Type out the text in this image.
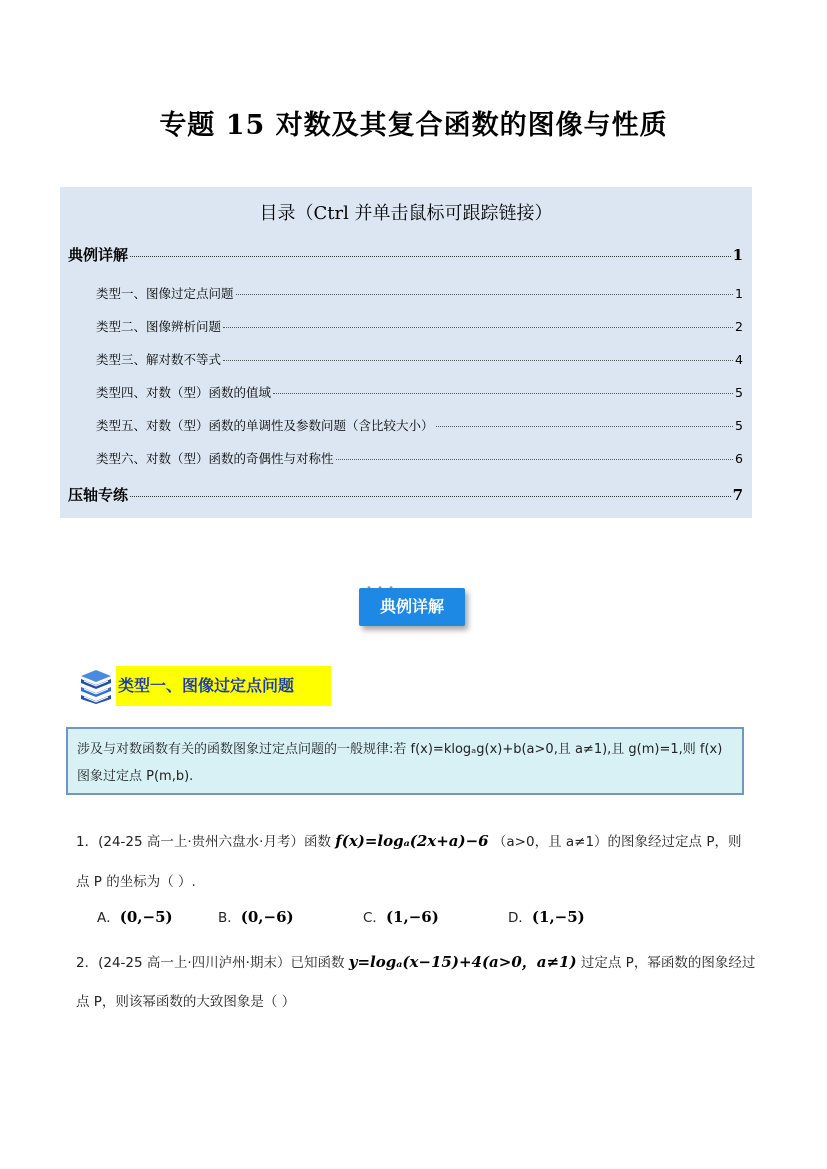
专题 15 对数及其复合函数的图像与性质
目录（Ctrl 并单击鼠标可跟踪链接）
典例详解	1
类型一、图像过定点问题	1
类型二、图像辨析问题	2
类型三、解对数不等式	4
类型四、对数（型）函数的值域	5
类型五、对数（型）函数的单调性及参数问题（含比较大小）	5
类型六、对数（型）函数的奇偶性与对称性	6
压轴专练	7
典例详解
类型一、图像过定点问题
涉及与对数函数有关的函数图象过定点问题的一般规律:若 f(x)=klogₐg(x)+b(a>0,且 a≠1),且 g(m)=1,则 f(x)图象过定点 P(m,b).
1．(24-25 高一上·贵州六盘水·月考）函数 f(x)=logₐ(2x+a)−6 （a>0，且 a≠1）的图象经过定点 P，则
点 P 的坐标为（ ）.
A．(0,−5)	B．(0,−6)	C．(1,−6)	D．(1,−5)
2．(24-25 高一上·四川泸州·期末）已知函数 y=logₐ(x−15)+4(a>0，a≠1) 过定点 P，幂函数的图象经过
点 P，则该幂函数的大致图象是（ ）
